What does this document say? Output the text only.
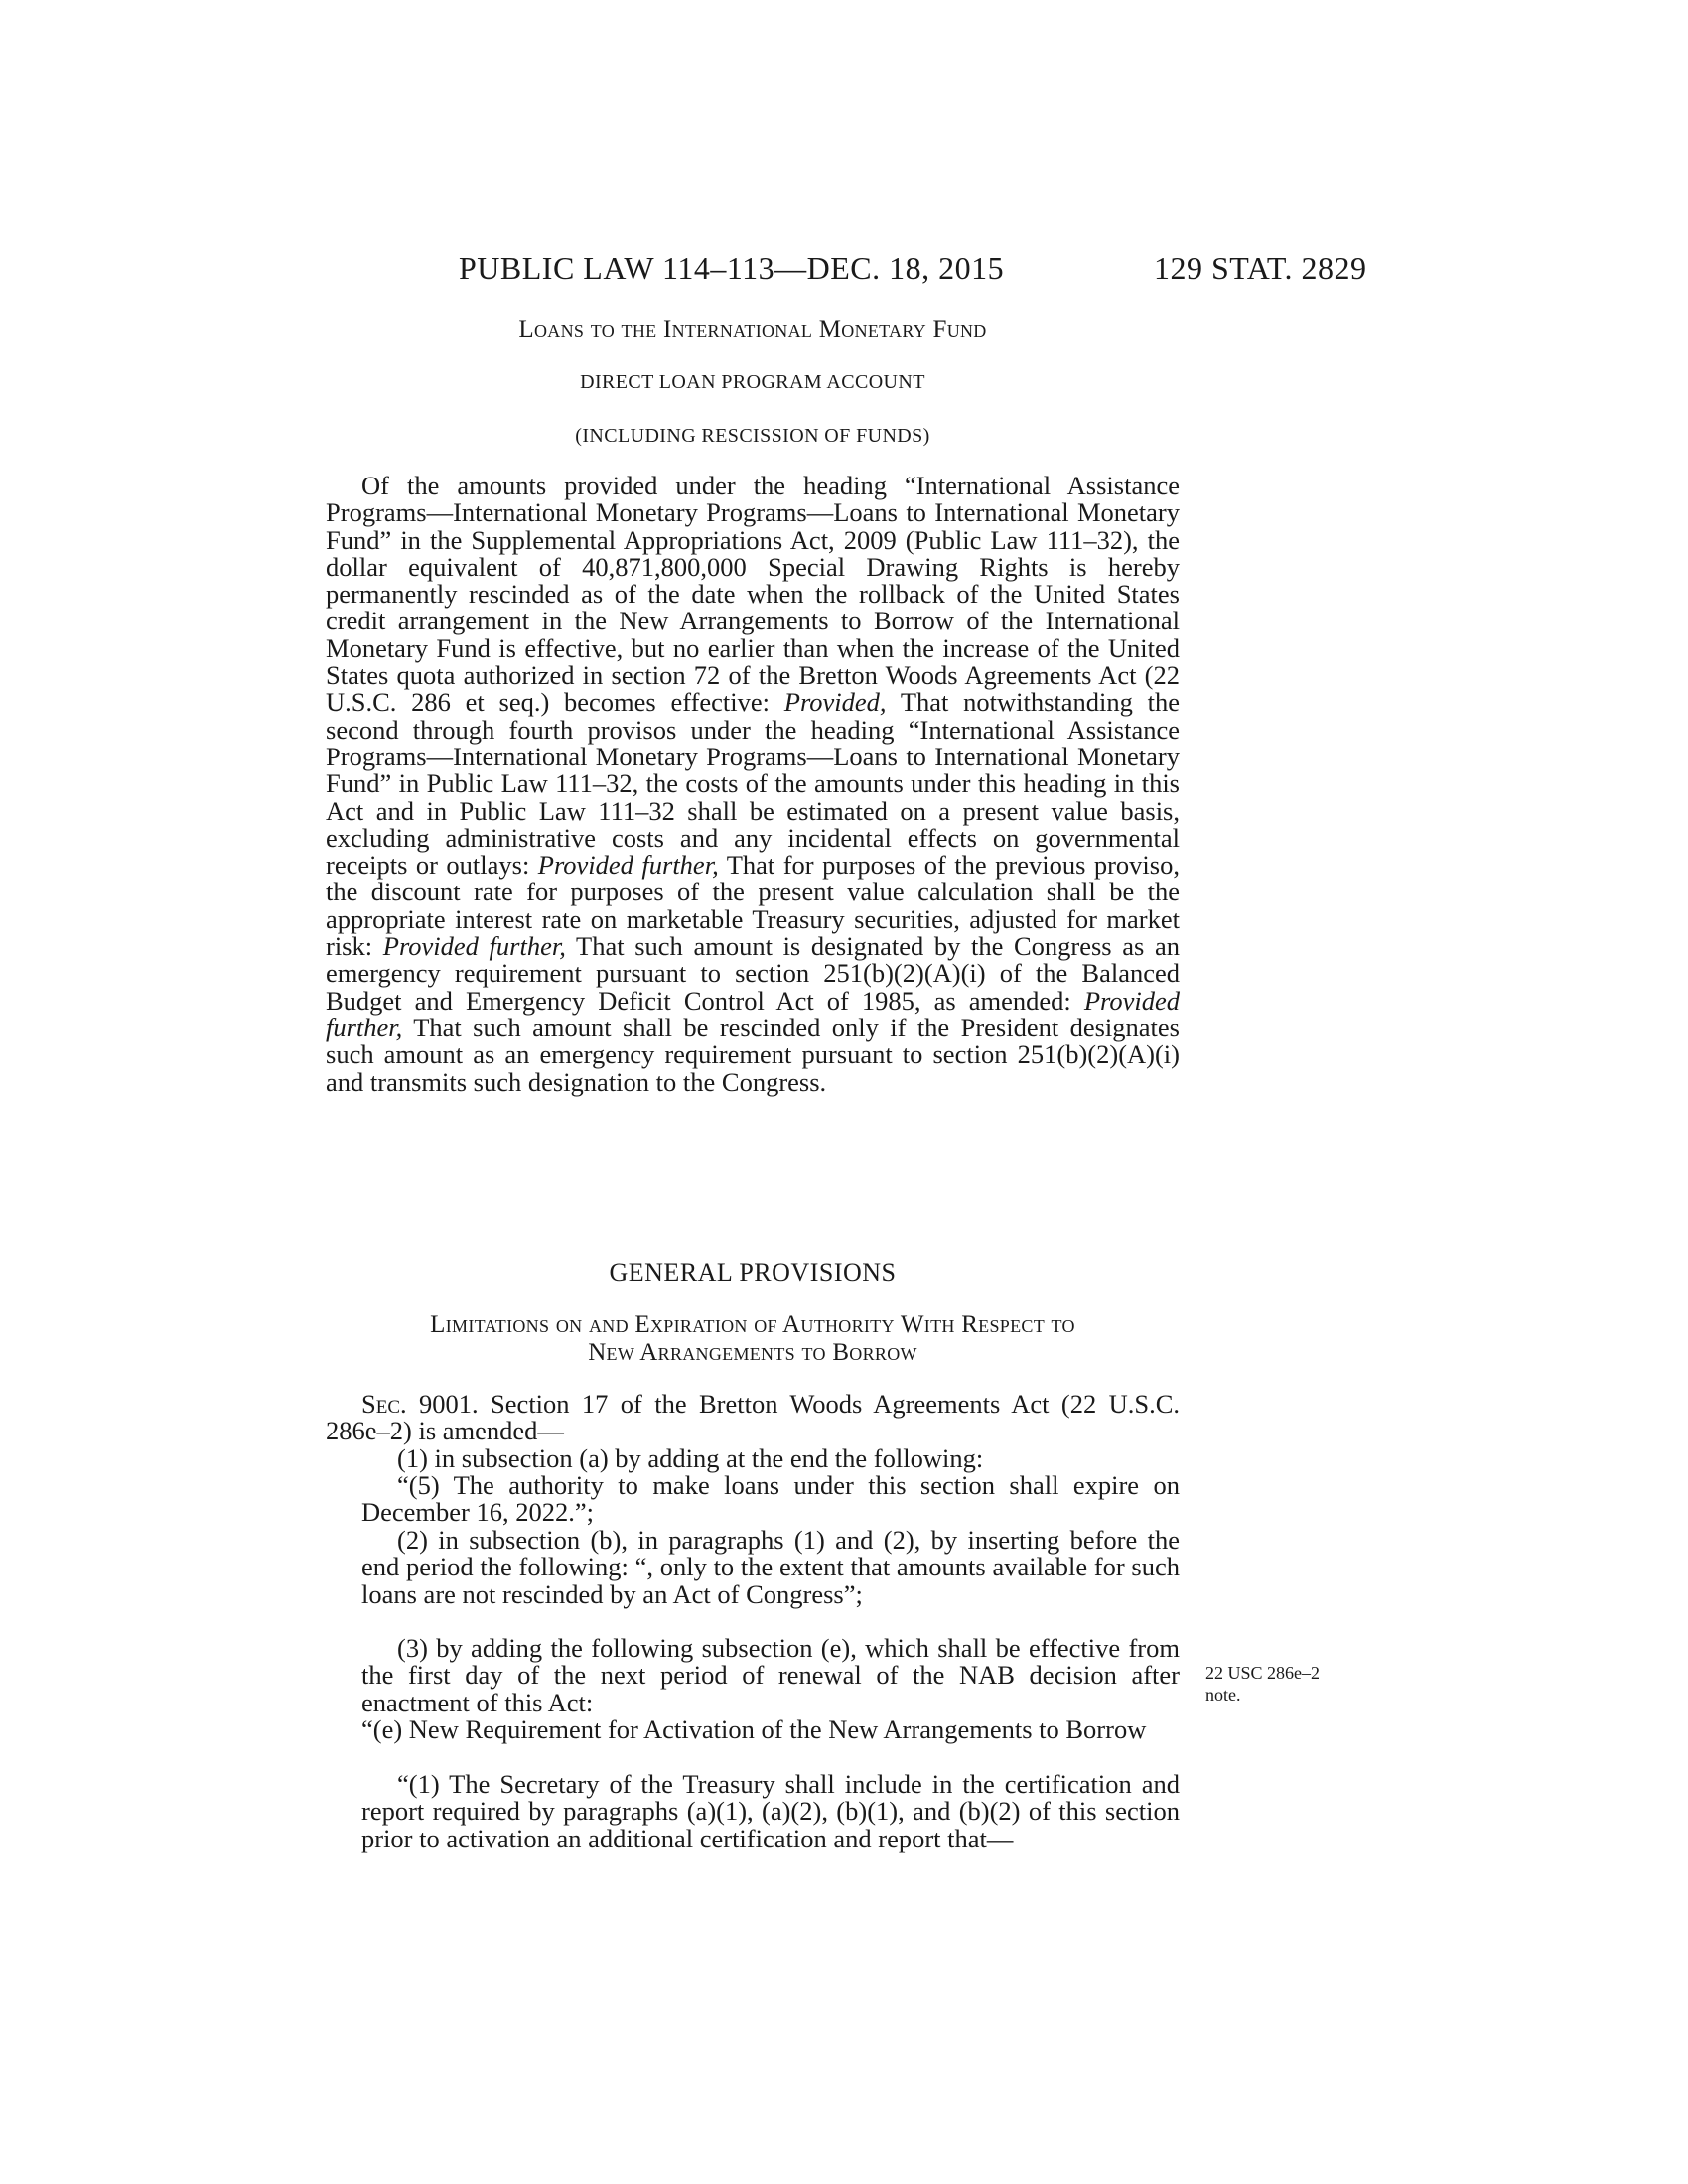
PUBLIC LAW 114–113—DEC. 18, 2015	129 STAT. 2829
Loans to the International Monetary Fund
DIRECT LOAN PROGRAM ACCOUNT
(INCLUDING RESCISSION OF FUNDS)

Of the amounts provided under the heading “International Assistance Programs—International Monetary Programs—Loans to International Monetary Fund” in the Supplemental Appropriations Act, 2009 (Public Law 111–32), the dollar equivalent of 40,871,800,000 Special Drawing Rights is hereby permanently rescinded as of the date when the rollback of the United States credit arrangement in the New Arrangements to Borrow of the International Monetary Fund is effective, but no earlier than when the increase of the United States quota authorized in section 72 of the Bretton Woods Agreements Act (22 U.S.C. 286 et seq.) becomes effective: Provided, That notwithstanding the second through fourth provisos under the heading “International Assistance Programs—International Monetary Programs—Loans to International Monetary Fund” in Public Law 111–32, the costs of the amounts under this heading in this Act and in Public Law 111–32 shall be estimated on a present value basis, excluding administrative costs and any incidental effects on governmental receipts or outlays: Provided further, That for purposes of the previous proviso, the discount rate for purposes of the present value calculation shall be the appropriate interest rate on marketable Treasury securities, adjusted for market risk: Provided further, That such amount is designated by the Congress as an emergency requirement pursuant to section 251(b)(2)(A)(i) of the Balanced Budget and Emergency Deficit Control Act of 1985, as amended: Provided further, That such amount shall be rescinded only if the President designates such amount as an emergency requirement pursuant to section 251(b)(2)(A)(i) and transmits such designation to the Congress.

GENERAL PROVISIONS
Limitations on and Expiration of Authority With Respect to
New Arrangements to Borrow

Sec. 9001. Section 17 of the Bretton Woods Agreements Act (22 U.S.C. 286e–2) is amended—

(1) in subsection (a) by adding at the end the following:

“(5) The authority to make loans under this section shall expire on December 16, 2022.”;

(2) in subsection (b), in paragraphs (1) and (2), by inserting before the end period the following: “, only to the extent that amounts available for such loans are not rescinded by an Act of Congress”;

(3) by adding the following subsection (e), which shall be effective from the first day of the next period of renewal of the NAB decision after enactment of this Act:

“(e) New Requirement for Activation of the New Arrangements to Borrow

“(1) The Secretary of the Treasury shall include in the certification and report required by paragraphs (a)(1), (a)(2), (b)(1), and (b)(2) of this section prior to activation an additional certification and report that—

22 USC 286e–2
note.
